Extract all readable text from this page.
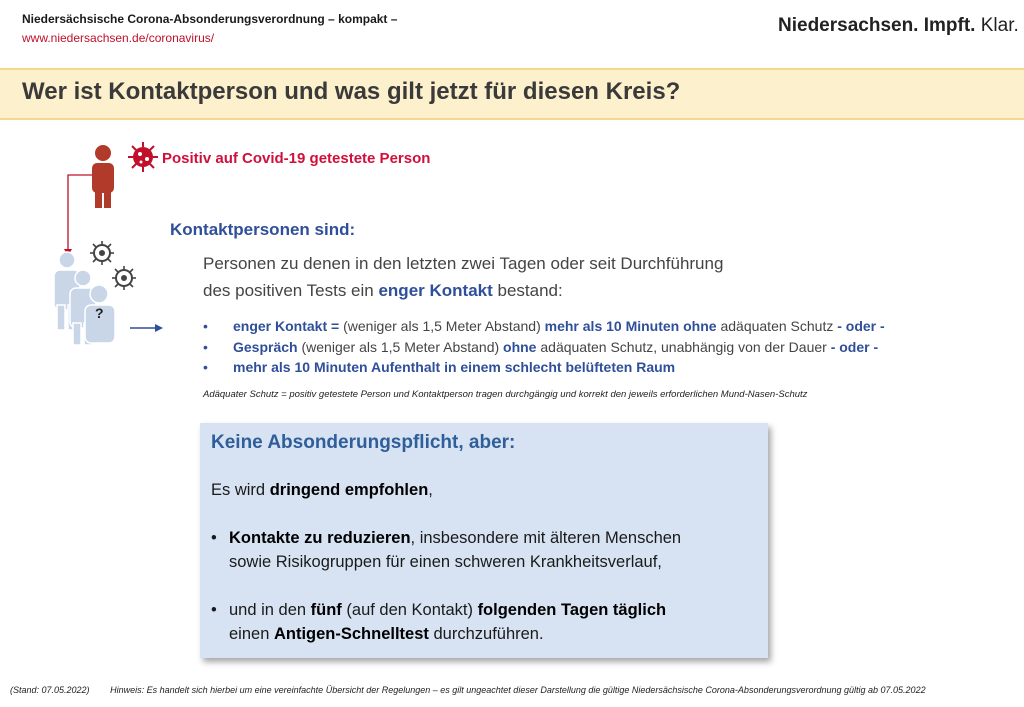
Niedersächsische Corona-Absonderungsverordnung – kompakt –
www.niedersachsen.de/coronavirus/
Niedersachsen. Impft. Klar.
Wer ist Kontaktperson und was gilt jetzt für diesen Kreis?
?
Positiv auf Covid-19 getestete Person
Kontaktpersonen sind:
Personen zu denen in den letzten zwei Tagen oder seit Durchführung
des positiven Tests ein enger Kontakt bestand:
•	enger Kontakt = (weniger als 1,5 Meter Abstand) mehr als 10 Minuten ohne adäquaten Schutz - oder -
•	Gespräch (weniger als 1,5 Meter Abstand) ohne adäquaten Schutz, unabhängig von der Dauer - oder -
•	mehr als 10 Minuten Aufenthalt in einem schlecht belüfteten Raum
Adäquater Schutz = positiv getestete Person und Kontaktperson tragen durchgängig und korrekt den jeweils erforderlichen Mund-Nasen-Schutz
Keine Absonderungspflicht, aber:
Es wird dringend empfohlen,
• Kontakte zu reduzieren, insbesondere mit älteren Menschen
sowie Risikogruppen für einen schweren Krankheitsverlauf,
• und in den fünf (auf den Kontakt) folgenden Tagen täglich
einen Antigen-Schnelltest durchzuführen.
(Stand: 07.05.2022) Hinweis: Es handelt sich hierbei um eine vereinfachte Übersicht der Regelungen – es gilt ungeachtet dieser Darstellung die gültige Niedersächsische Corona-Absonderungsverordnung gültig ab 07.05.2022
